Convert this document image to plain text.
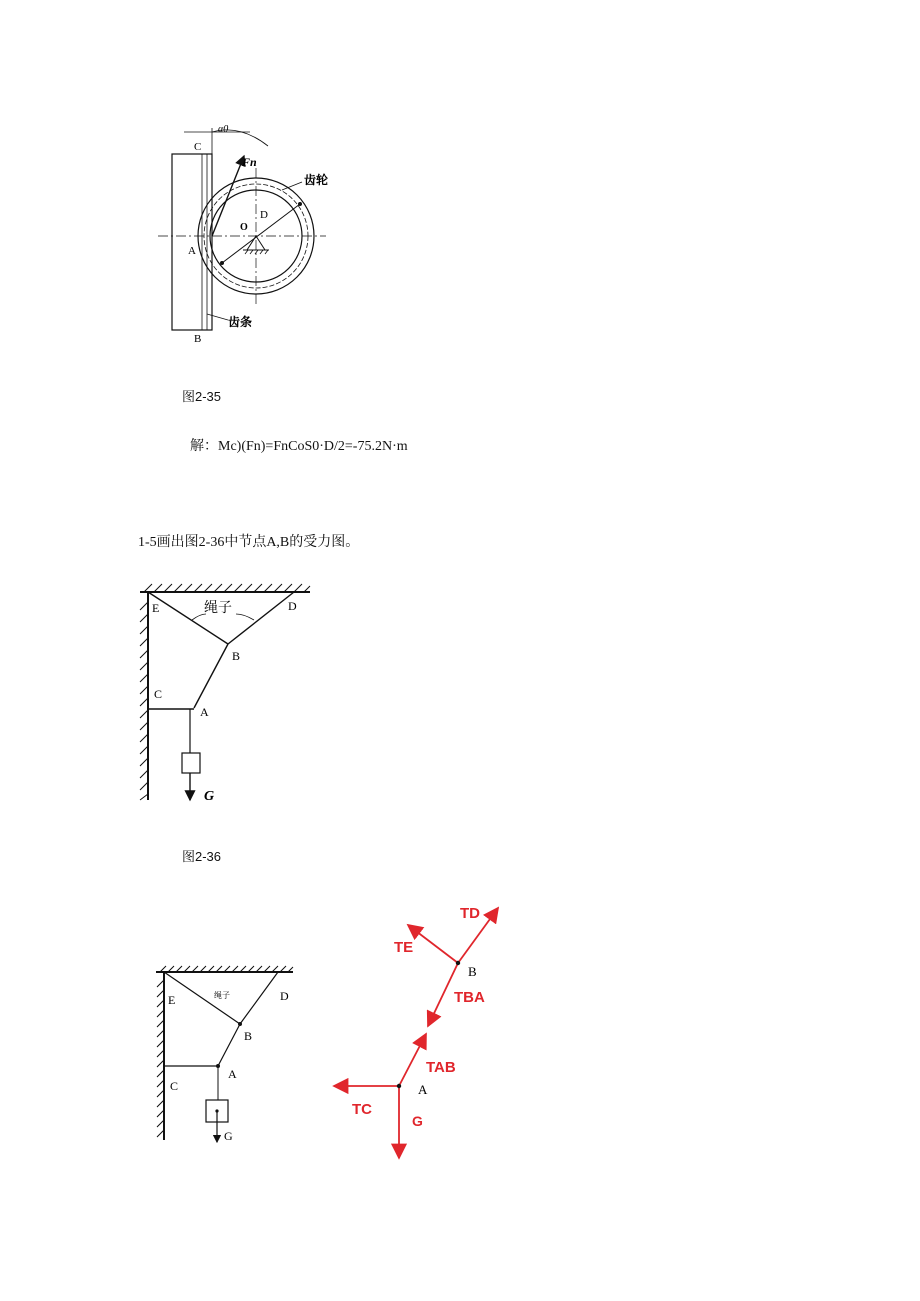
C
α0
Fn
齿轮
O
D
A
齿条
B
图2-35
解：Mc)(Fn)=FnCoS0·D/2=-75.2N·m
1-5画出图2-36中节点A,B的受力图。
E	绳子	D
B
C
A
G
图2-36
E	绳子	D
B
C
A
G
TD
TE
B
TBA
TAB
A
TC
G
